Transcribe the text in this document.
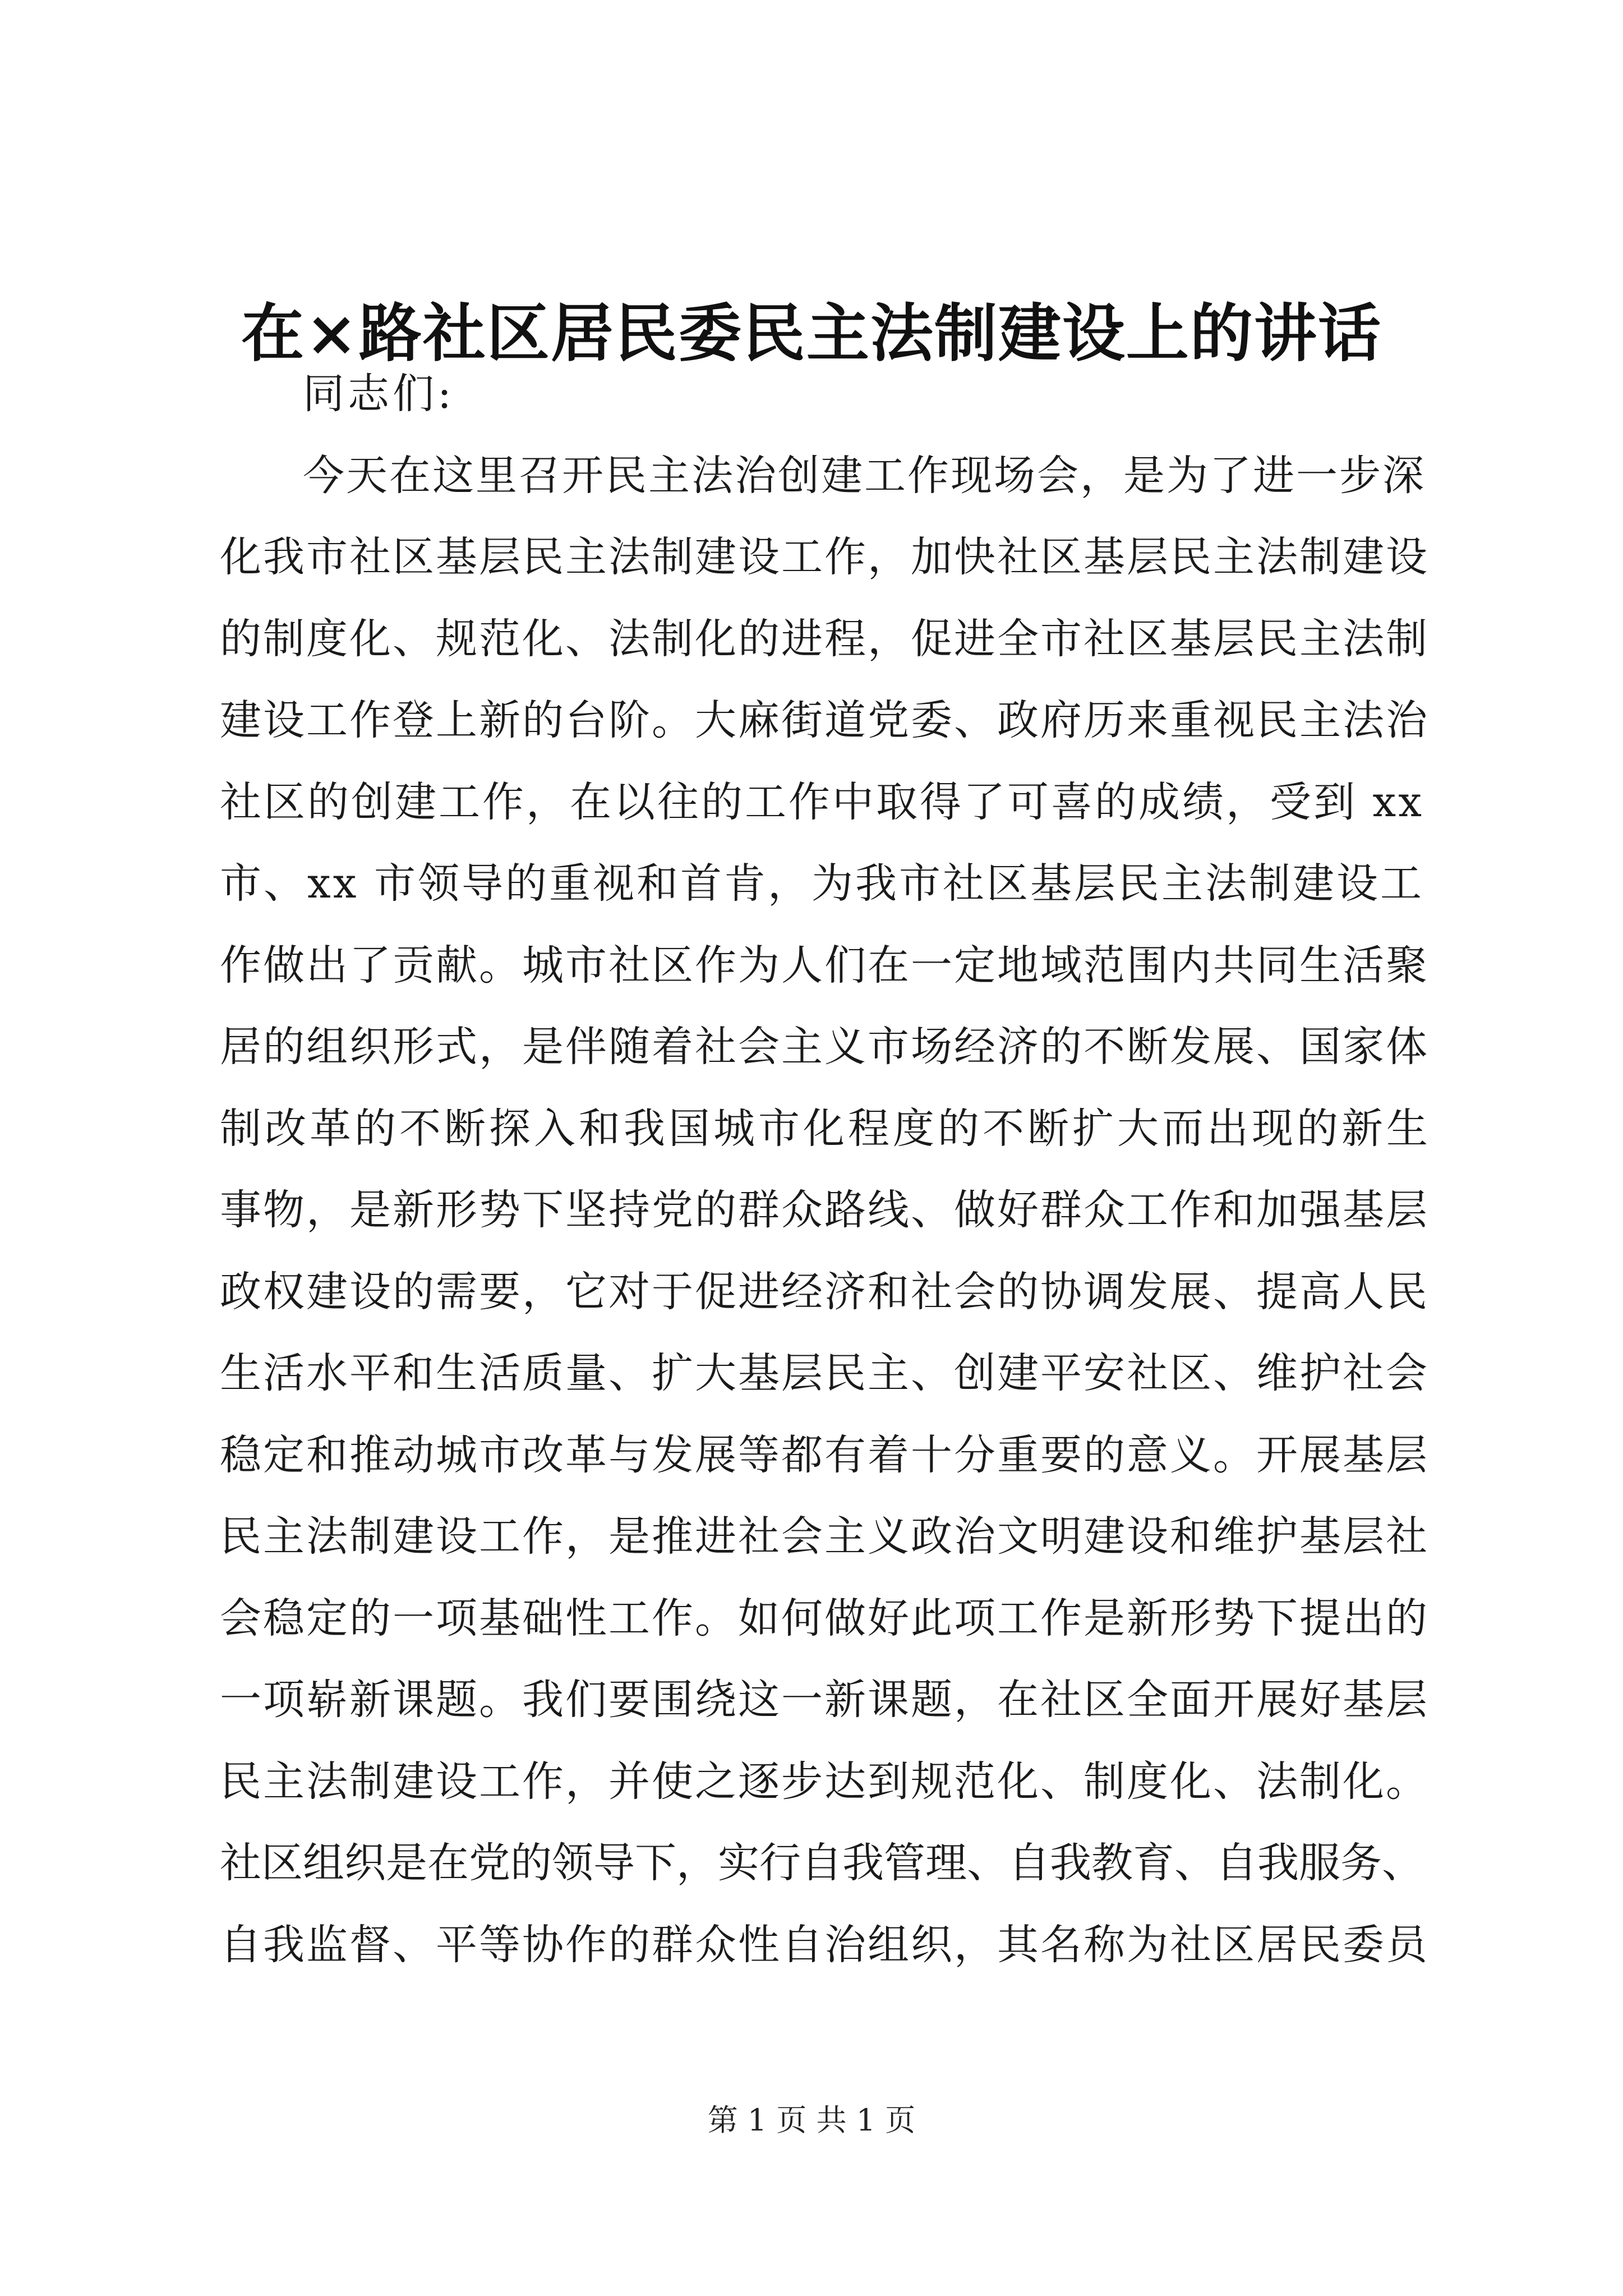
在×路社区居民委民主法制建设上的讲话
同志们:
今天在这里召开民主法治创建工作现场会，是为了进一步深
化我市社区基层民主法制建设工作，加快社区基层民主法制建设
的制度化、规范化、法制化的进程，促进全市社区基层民主法制
建设工作登上新的台阶。大麻街道党委、政府历来重视民主法治
社区的创建工作，在以往的工作中取得了可喜的成绩，受到 xx
市、xx 市领导的重视和首肯，为我市社区基层民主法制建设工
作做出了贡献。城市社区作为人们在一定地域范围内共同生活聚
居的组织形式，是伴随着社会主义市场经济的不断发展、国家体
制改革的不断探入和我国城市化程度的不断扩大而出现的新生
事物，是新形势下坚持党的群众路线、做好群众工作和加强基层
政权建设的需要，它对于促进经济和社会的协调发展、提高人民
生活水平和生活质量、扩大基层民主、创建平安社区、维护社会
稳定和推动城市改革与发展等都有着十分重要的意义。开展基层
民主法制建设工作，是推进社会主义政治文明建设和维护基层社
会稳定的一项基础性工作。如何做好此项工作是新形势下提出的
一项崭新课题。我们要围绕这一新课题，在社区全面开展好基层
民主法制建设工作，并使之逐步达到规范化、制度化、法制化。
社区组织是在党的领导下，实行自我管理、自我教育、自我服务、
自我监督、平等协作的群众性自治组织，其名称为社区居民委员
第 1 页 共 1 页
